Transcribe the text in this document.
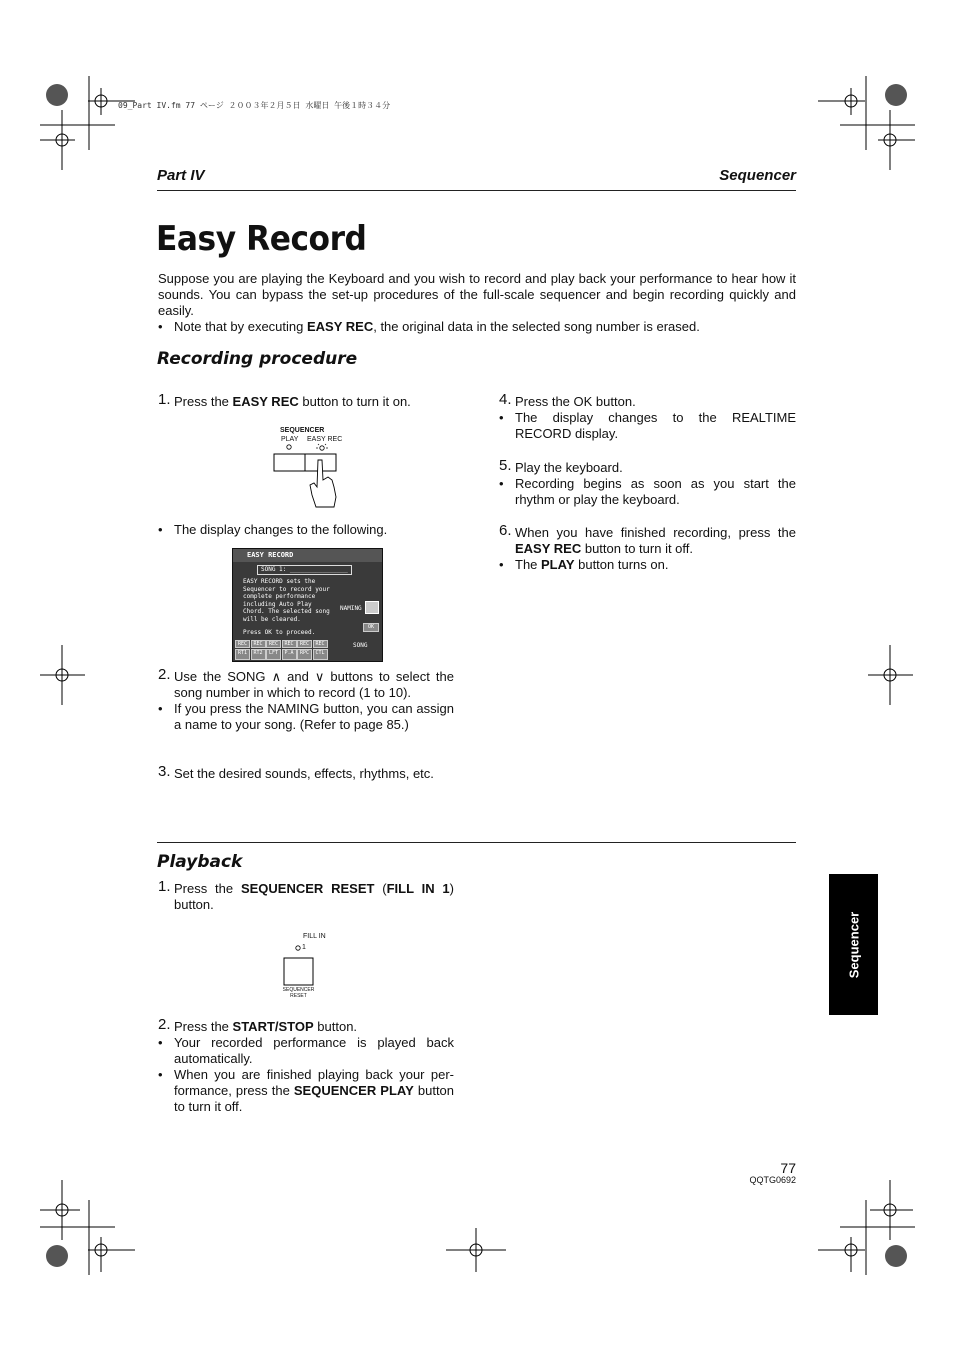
09_Part IV.fm 77 ページ ２００３年２月５日 水曜日 午後１時３４分
Part IV	Sequencer
Easy Record
Suppose you are playing the Keyboard and you wish to record and play back your performance to hear how it sounds. You can bypass the set-up procedures of the full-scale sequencer and begin recording quickly and easily.
• Note that by executing EASY REC, the original data in the selected song number is erased.
Recording procedure
1. Press the EASY REC button to turn it on.
SEQUENCER
PLAY EASY REC
• The display changes to the following.
EASY RECORD
SONG 1: ________________
EASY RECORD sets the
Sequencer to record your
complete performance
including Auto Play
Chord. The selected song
will be cleared.
NAMING
Press OK to proceed.
OK
SONG
REC
RT1
REC
RT2
REC
LFT
REC
P.A
REC
RPC
REC
CTL
2. Use the SONG ∧ and ∨ buttons to select the song number in which to record (1 to 10).
• If you press the NAMING button, you can assign a name to your song. (Refer to page 85.)
3. Set the desired sounds, effects, rhythms, etc.
4. Press the OK button.
• The display changes to the REALTIME RECORD display.
5. Play the keyboard.
• Recording begins as soon as you start the rhythm or play the keyboard.
6. When you have finished recording, press the EASY REC button to turn it off.
• The PLAY button turns on.
Playback
1. Press the SEQUENCER RESET (FILL IN 1) button.
FILL IN
1
SEQUENCER
RESET
2. Press the START/STOP button.
• Your recorded performance is played back automatically.
• When you are finished playing back your performance, press the SEQUENCER PLAY button to turn it off.
Sequencer
77
QQTG0692
